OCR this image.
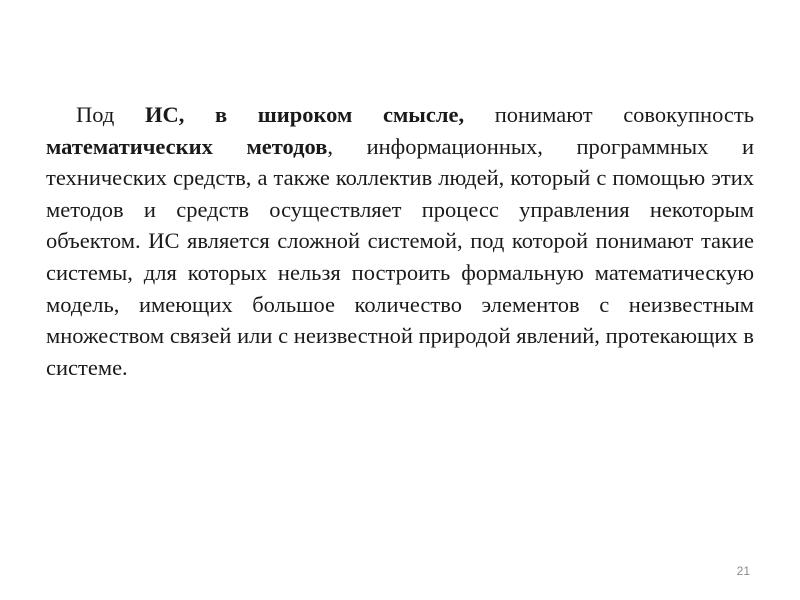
Под ИС, в широком смысле, понимают совокупность математических методов, информационных, программных и технических средств, а также коллектив людей, который с помощью этих методов и средств осуществляет процесс управления некоторым объектом. ИС является сложной системой, под которой понимают такие системы, для которых нельзя построить формальную математическую модель, имеющих большое количество элементов с неизвестным множеством связей или с неизвестной природой явлений, протекающих в системе.

21
